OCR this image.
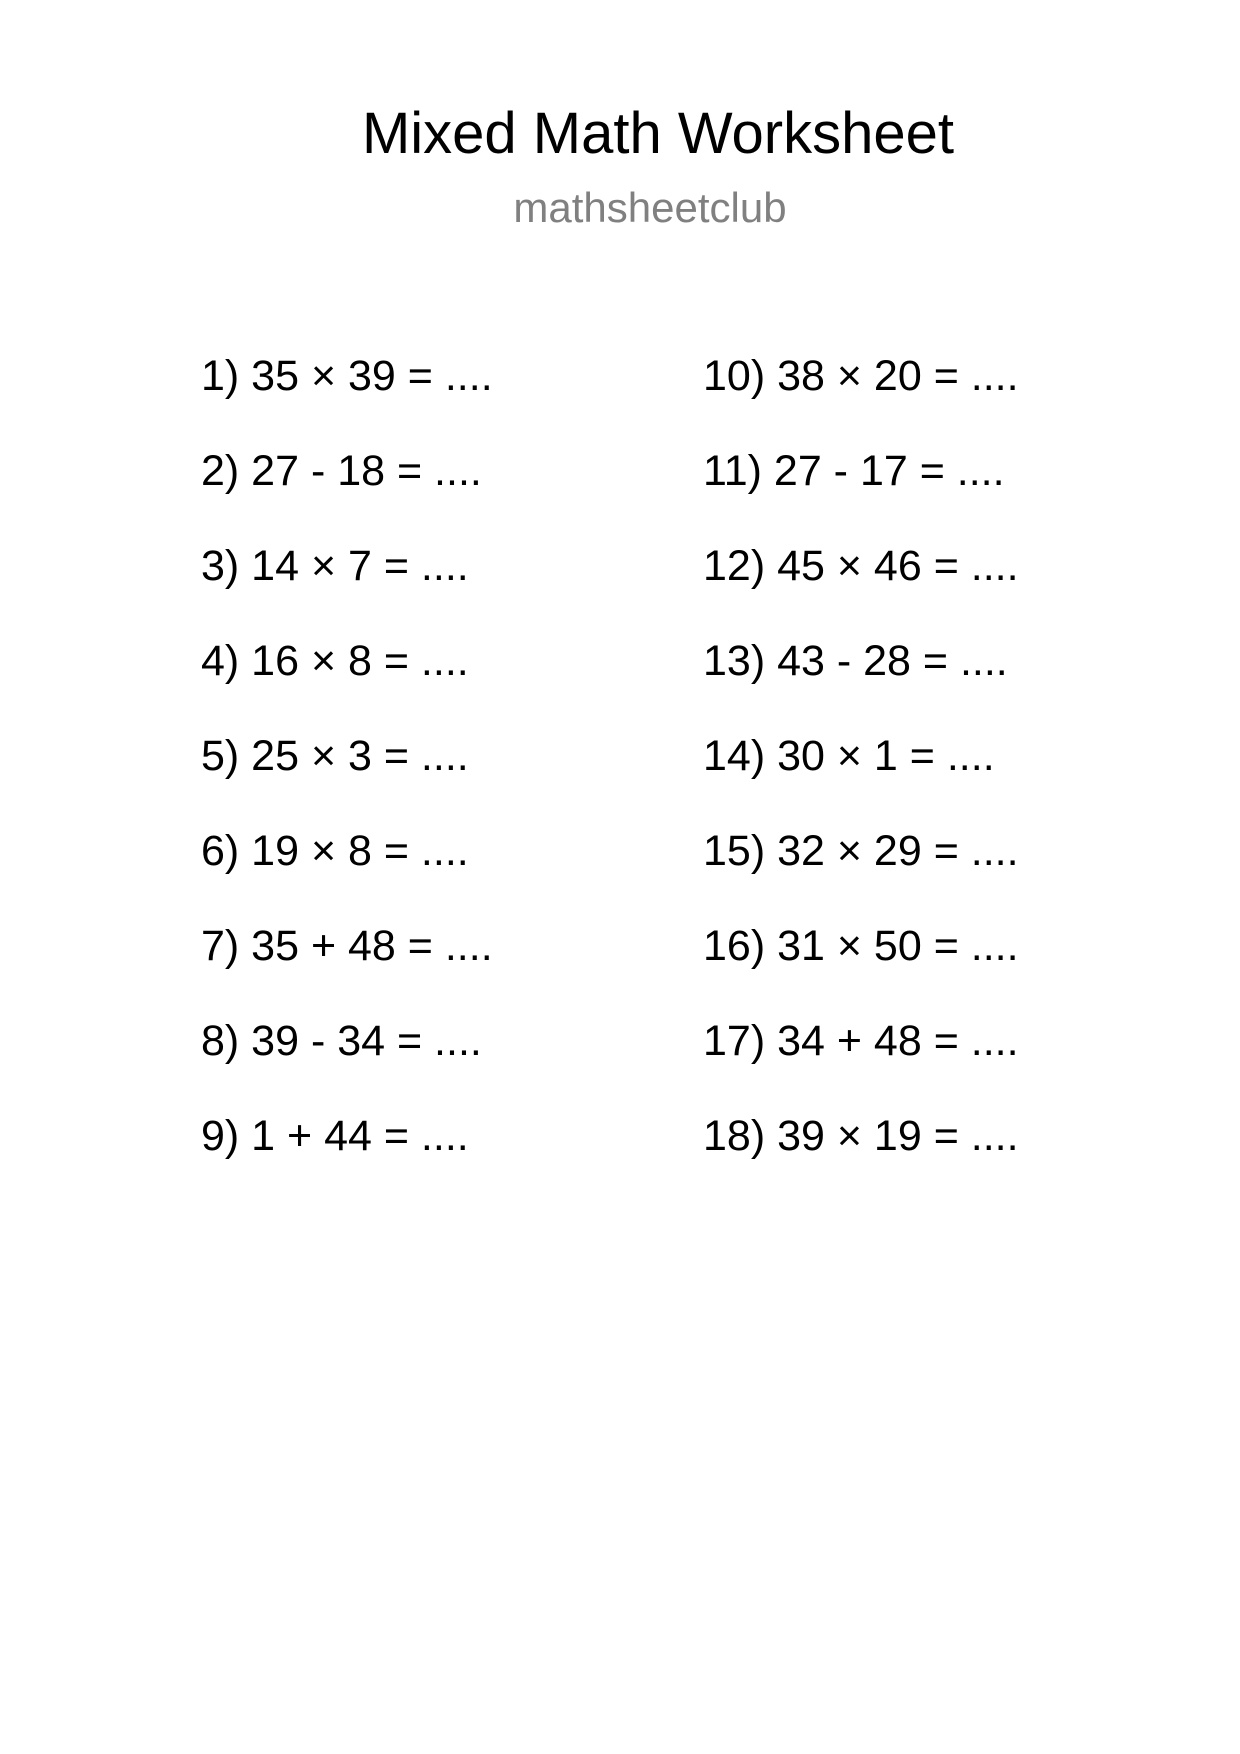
Mixed Math Worksheet
mathsheetclub
1) 35 × 39 = ....
2) 27 - 18 = ....
3) 14 × 7 = ....
4) 16 × 8 = ....
5) 25 × 3 = ....
6) 19 × 8 = ....
7) 35 + 48 = ....
8) 39 - 34 = ....
9) 1 + 44 = ....
10) 38 × 20 = ....
11) 27 - 17 = ....
12) 45 × 46 = ....
13) 43 - 28 = ....
14) 30 × 1 = ....
15) 32 × 29 = ....
16) 31 × 50 = ....
17) 34 + 48 = ....
18) 39 × 19 = ....
